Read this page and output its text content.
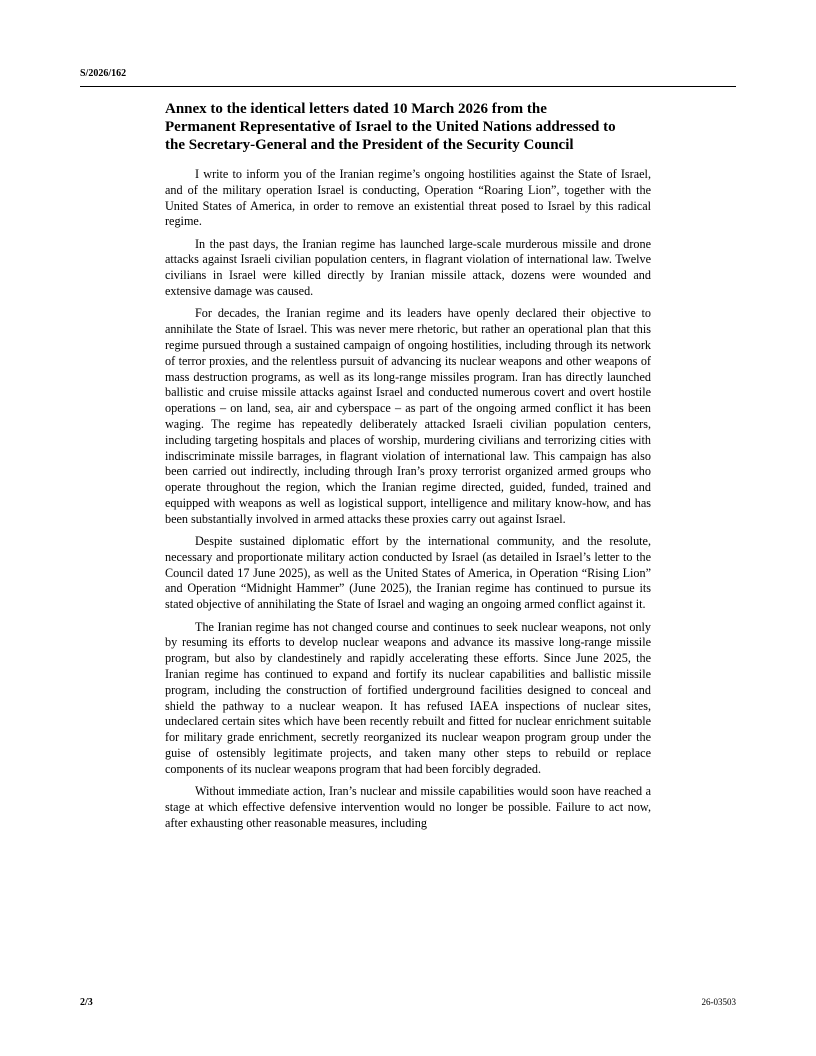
S/2026/162
Annex to the identical letters dated 10 March 2026 from the Permanent Representative of Israel to the United Nations addressed to the Secretary-General and the President of the Security Council

I write to inform you of the Iranian regime’s ongoing hostilities against the State of Israel, and of the military operation Israel is conducting, Operation “Roaring Lion”, together with the United States of America, in order to remove an existential threat posed to Israel by this radical regime.

In the past days, the Iranian regime has launched large-scale murderous missile and drone attacks against Israeli civilian population centers, in flagrant violation of international law. Twelve civilians in Israel were killed directly by Iranian missile attack, dozens were wounded and extensive damage was caused.

For decades, the Iranian regime and its leaders have openly declared their objective to annihilate the State of Israel. This was never mere rhetoric, but rather an operational plan that this regime pursued through a sustained campaign of ongoing hostilities, including through its network of terror proxies, and the relentless pursuit of advancing its nuclear weapons and other weapons of mass destruction programs, as well as its long-range missiles program. Iran has directly launched ballistic and cruise missile attacks against Israel and conducted numerous covert and overt hostile operations – on land, sea, air and cyberspace – as part of the ongoing armed conflict it has been waging. The regime has repeatedly deliberately attacked Israeli civilian population centers, including targeting hospitals and places of worship, murdering civilians and terrorizing cities with indiscriminate missile barrages, in flagrant violation of international law. This campaign has also been carried out indirectly, including through Iran’s proxy terrorist organized armed groups who operate throughout the region, which the Iranian regime directed, guided, funded, trained and equipped with weapons as well as logistical support, intelligence and military know-how, and has been substantially involved in armed attacks these proxies carry out against Israel.

Despite sustained diplomatic effort by the international community, and the resolute, necessary and proportionate military action conducted by Israel (as detailed in Israel’s letter to the Council dated 17 June 2025), as well as the United States of America, in Operation “Rising Lion” and Operation “Midnight Hammer” (June 2025), the Iranian regime has continued to pursue its stated objective of annihilating the State of Israel and waging an ongoing armed conflict against it.

The Iranian regime has not changed course and continues to seek nuclear weapons, not only by resuming its efforts to develop nuclear weapons and advance its massive long-range missile program, but also by clandestinely and rapidly accelerating these efforts. Since June 2025, the Iranian regime has continued to expand and fortify its nuclear capabilities and ballistic missile program, including the construction of fortified underground facilities designed to conceal and shield the pathway to a nuclear weapon. It has refused IAEA inspections of nuclear sites, undeclared certain sites which have been recently rebuilt and fitted for nuclear enrichment suitable for military grade enrichment, secretly reorganized its nuclear weapon program group under the guise of ostensibly legitimate projects, and taken many other steps to rebuild or replace components of its nuclear weapons program that had been forcibly degraded.

Without immediate action, Iran’s nuclear and missile capabilities would soon have reached a stage at which effective defensive intervention would no longer be possible. Failure to act now, after exhausting other reasonable measures, including

2/3	26-03503
